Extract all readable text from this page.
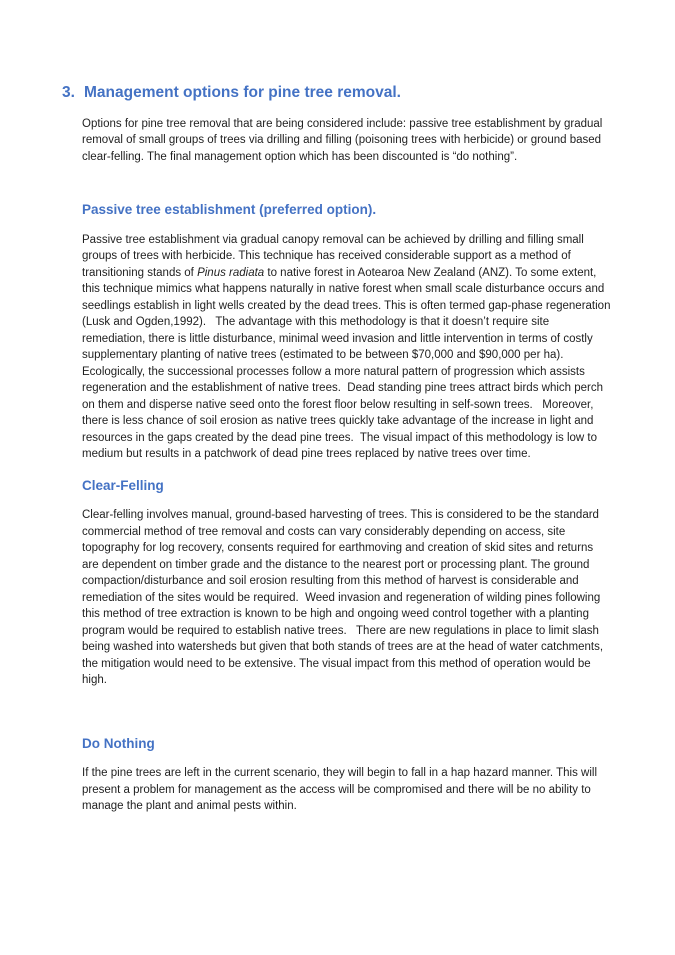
3. Management options for pine tree removal.

Options for pine tree removal that are being considered include: passive tree establishment by gradual removal of small groups of trees via drilling and filling (poisoning trees with herbicide) or ground based clear-felling. The final management option which has been discounted is “do nothing”.

Passive tree establishment (preferred option).

Passive tree establishment via gradual canopy removal can be achieved by drilling and filling small groups of trees with herbicide. This technique has received considerable support as a method of transitioning stands of Pinus radiata to native forest in Aotearoa New Zealand (ANZ). To some extent, this technique mimics what happens naturally in native forest when small scale disturbance occurs and seedlings establish in light wells created by the dead trees. This is often termed gap-phase regeneration (Lusk and Ogden,1992).   The advantage with this methodology is that it doesn’t require site remediation, there is little disturbance, minimal weed invasion and little intervention in terms of costly supplementary planting of native trees (estimated to be between $70,000 and $90,000 per ha). Ecologically, the successional processes follow a more natural pattern of progression which assists regeneration and the establishment of native trees.  Dead standing pine trees attract birds which perch on them and disperse native seed onto the forest floor below resulting in self-sown trees.   Moreover, there is less chance of soil erosion as native trees quickly take advantage of the increase in light and resources in the gaps created by the dead pine trees.  The visual impact of this methodology is low to medium but results in a patchwork of dead pine trees replaced by native trees over time.

Clear-Felling

Clear-felling involves manual, ground-based harvesting of trees. This is considered to be the standard commercial method of tree removal and costs can vary considerably depending on access, site topography for log recovery, consents required for earthmoving and creation of skid sites and returns are dependent on timber grade and the distance to the nearest port or processing plant. The ground compaction/disturbance and soil erosion resulting from this method of harvest is considerable and remediation of the sites would be required.  Weed invasion and regeneration of wilding pines following this method of tree extraction is known to be high and ongoing weed control together with a planting program would be required to establish native trees.   There are new regulations in place to limit slash being washed into watersheds but given that both stands of trees are at the head of water catchments, the mitigation would need to be extensive. The visual impact from this method of operation would be high.

Do Nothing

If the pine trees are left in the current scenario, they will begin to fall in a hap hazard manner. This will present a problem for management as the access will be compromised and there will be no ability to manage the plant and animal pests within.
